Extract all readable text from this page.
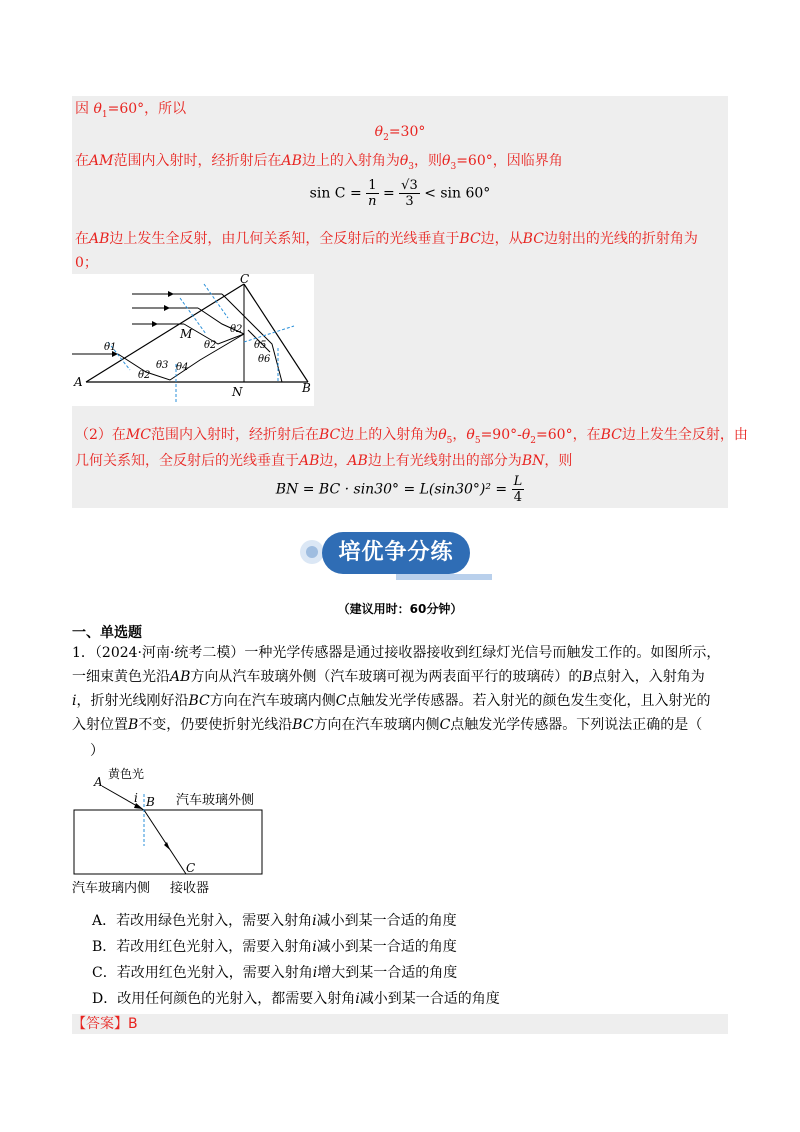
因 $\theta_1=60^\circ$，所以
$\theta_2=30^\circ$
在AM范围内入射时，经折射后在AB边上的入射角为$\theta_3$，则$\theta_3=60^\circ$，因临界角
$\sin C = \frac{1}{n} = \frac{√3}{3} < \sin 60^\circ$
在AB边上发生全反射，由几何关系知，全反射后的光线垂直于BC边，从BC边射出的光线的折射角为
0；
A	B
C
M
N
θ1
θ2
θ3 θ4
θ2
θ2
θ5
θ6
（2）在MC范围内入射时，经折射后在BC边上的入射角为$\theta_5$，$\theta_5=90^\circ-\theta_2=60^\circ$，在BC边上发生全反射，由
几何关系知，全反射后的光线垂直于AB边，AB边上有光线射出的部分为BN，则
BN = BC · $\sin 30^\circ = L(\sin 30^\circ)^2 = \frac{L}{4}$
培优争分练
（建议用时：60分钟）
一、单选题
1．（2024·河南·统考二模）一种光学传感器是通过接收器接收到红绿灯光信号而触发工作的。如图所示，
一细束黄色光沿AB方向从汽车玻璃外侧（汽车玻璃可视为两表面平行的玻璃砖）的B点射入，入射角为
i，折射光线刚好沿BC方向在汽车玻璃内侧C点触发光学传感器。若入射光的颜色发生变化，且入射光的
入射位置B不变，仍要使折射光线沿BC方向在汽车玻璃内侧C点触发光学传感器。下列说法正确的是（
）
A
黄色光
i B 汽车玻璃外侧
C
汽车玻璃内侧 接收器
A．若改用绿色光射入，需要入射角i减小到某一合适的角度
B．若改用红色光射入，需要入射角i减小到某一合适的角度
C．若改用红色光射入，需要入射角i增大到某一合适的角度
D．改用任何颜色的光射入，都需要入射角i减小到某一合适的角度
【答案】B
